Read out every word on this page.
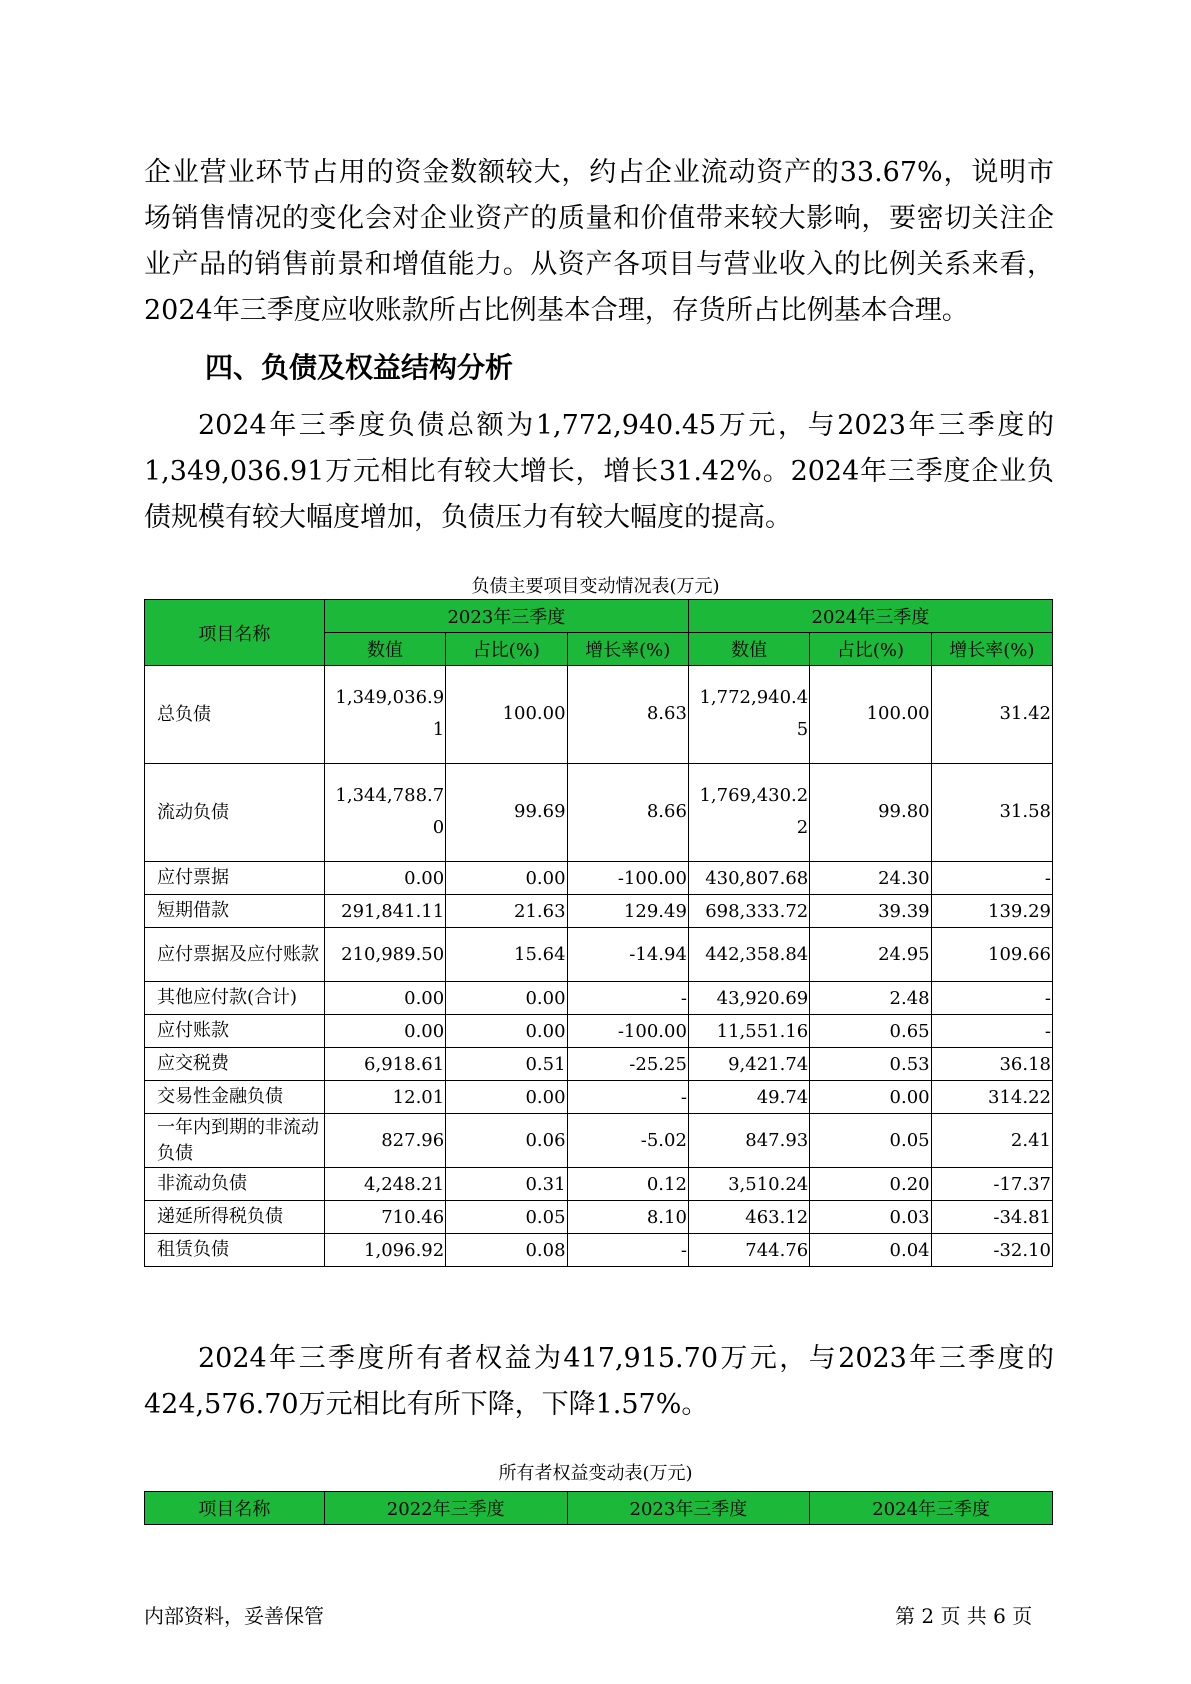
企业营业环节占用的资金数额较大，约占企业流动资产的33.67%，说明市场销售情况的变化会对企业资产的质量和价值带来较大影响，要密切关注企业产品的销售前景和增值能力。从资产各项目与营业收入的比例关系来看，2024年三季度应收账款所占比例基本合理，存货所占比例基本合理。

四、负债及权益结构分析

2024年三季度负债总额为1,772,940.45万元，与2023年三季度的1,349,036.91万元相比有较大增长，增长31.42%。2024年三季度企业负债规模有较大幅度增加，负债压力有较大幅度的提高。

负债主要项目变动情况表(万元)

项目名称	2023年三季度			2024年三季度		
	数值	占比(%)	增长率(%)	数值	占比(%)	增长率(%)
总负债	1,349,036.91	100.00	8.63	1,772,940.45	100.00	31.42
流动负债	1,344,788.70	99.69	8.66	1,769,430.22	99.80	31.58
应付票据	0.00	0.00	-100.00	430,807.68	24.30	-
短期借款	291,841.11	21.63	129.49	698,333.72	39.39	139.29
应付票据及应付账款	210,989.50	15.64	-14.94	442,358.84	24.95	109.66
其他应付款(合计)	0.00	0.00	-	43,920.69	2.48	-
应付账款	0.00	0.00	-100.00	11,551.16	0.65	-
应交税费	6,918.61	0.51	-25.25	9,421.74	0.53	36.18
交易性金融负债	12.01	0.00	-	49.74	0.00	314.22
一年内到期的非流动负债	827.96	0.06	-5.02	847.93	0.05	2.41
非流动负债	4,248.21	0.31	0.12	3,510.24	0.20	-17.37
递延所得税负债	710.46	0.05	8.10	463.12	0.03	-34.81
租赁负债	1,096.92	0.08	-	744.76	0.04	-32.10

2024年三季度所有者权益为417,915.70万元，与2023年三季度的424,576.70万元相比有所下降，下降1.57%。

所有者权益变动表(万元)

项目名称	2022年三季度	2023年三季度	2024年三季度

内部资料，妥善保管	第 2 页 共 6 页
